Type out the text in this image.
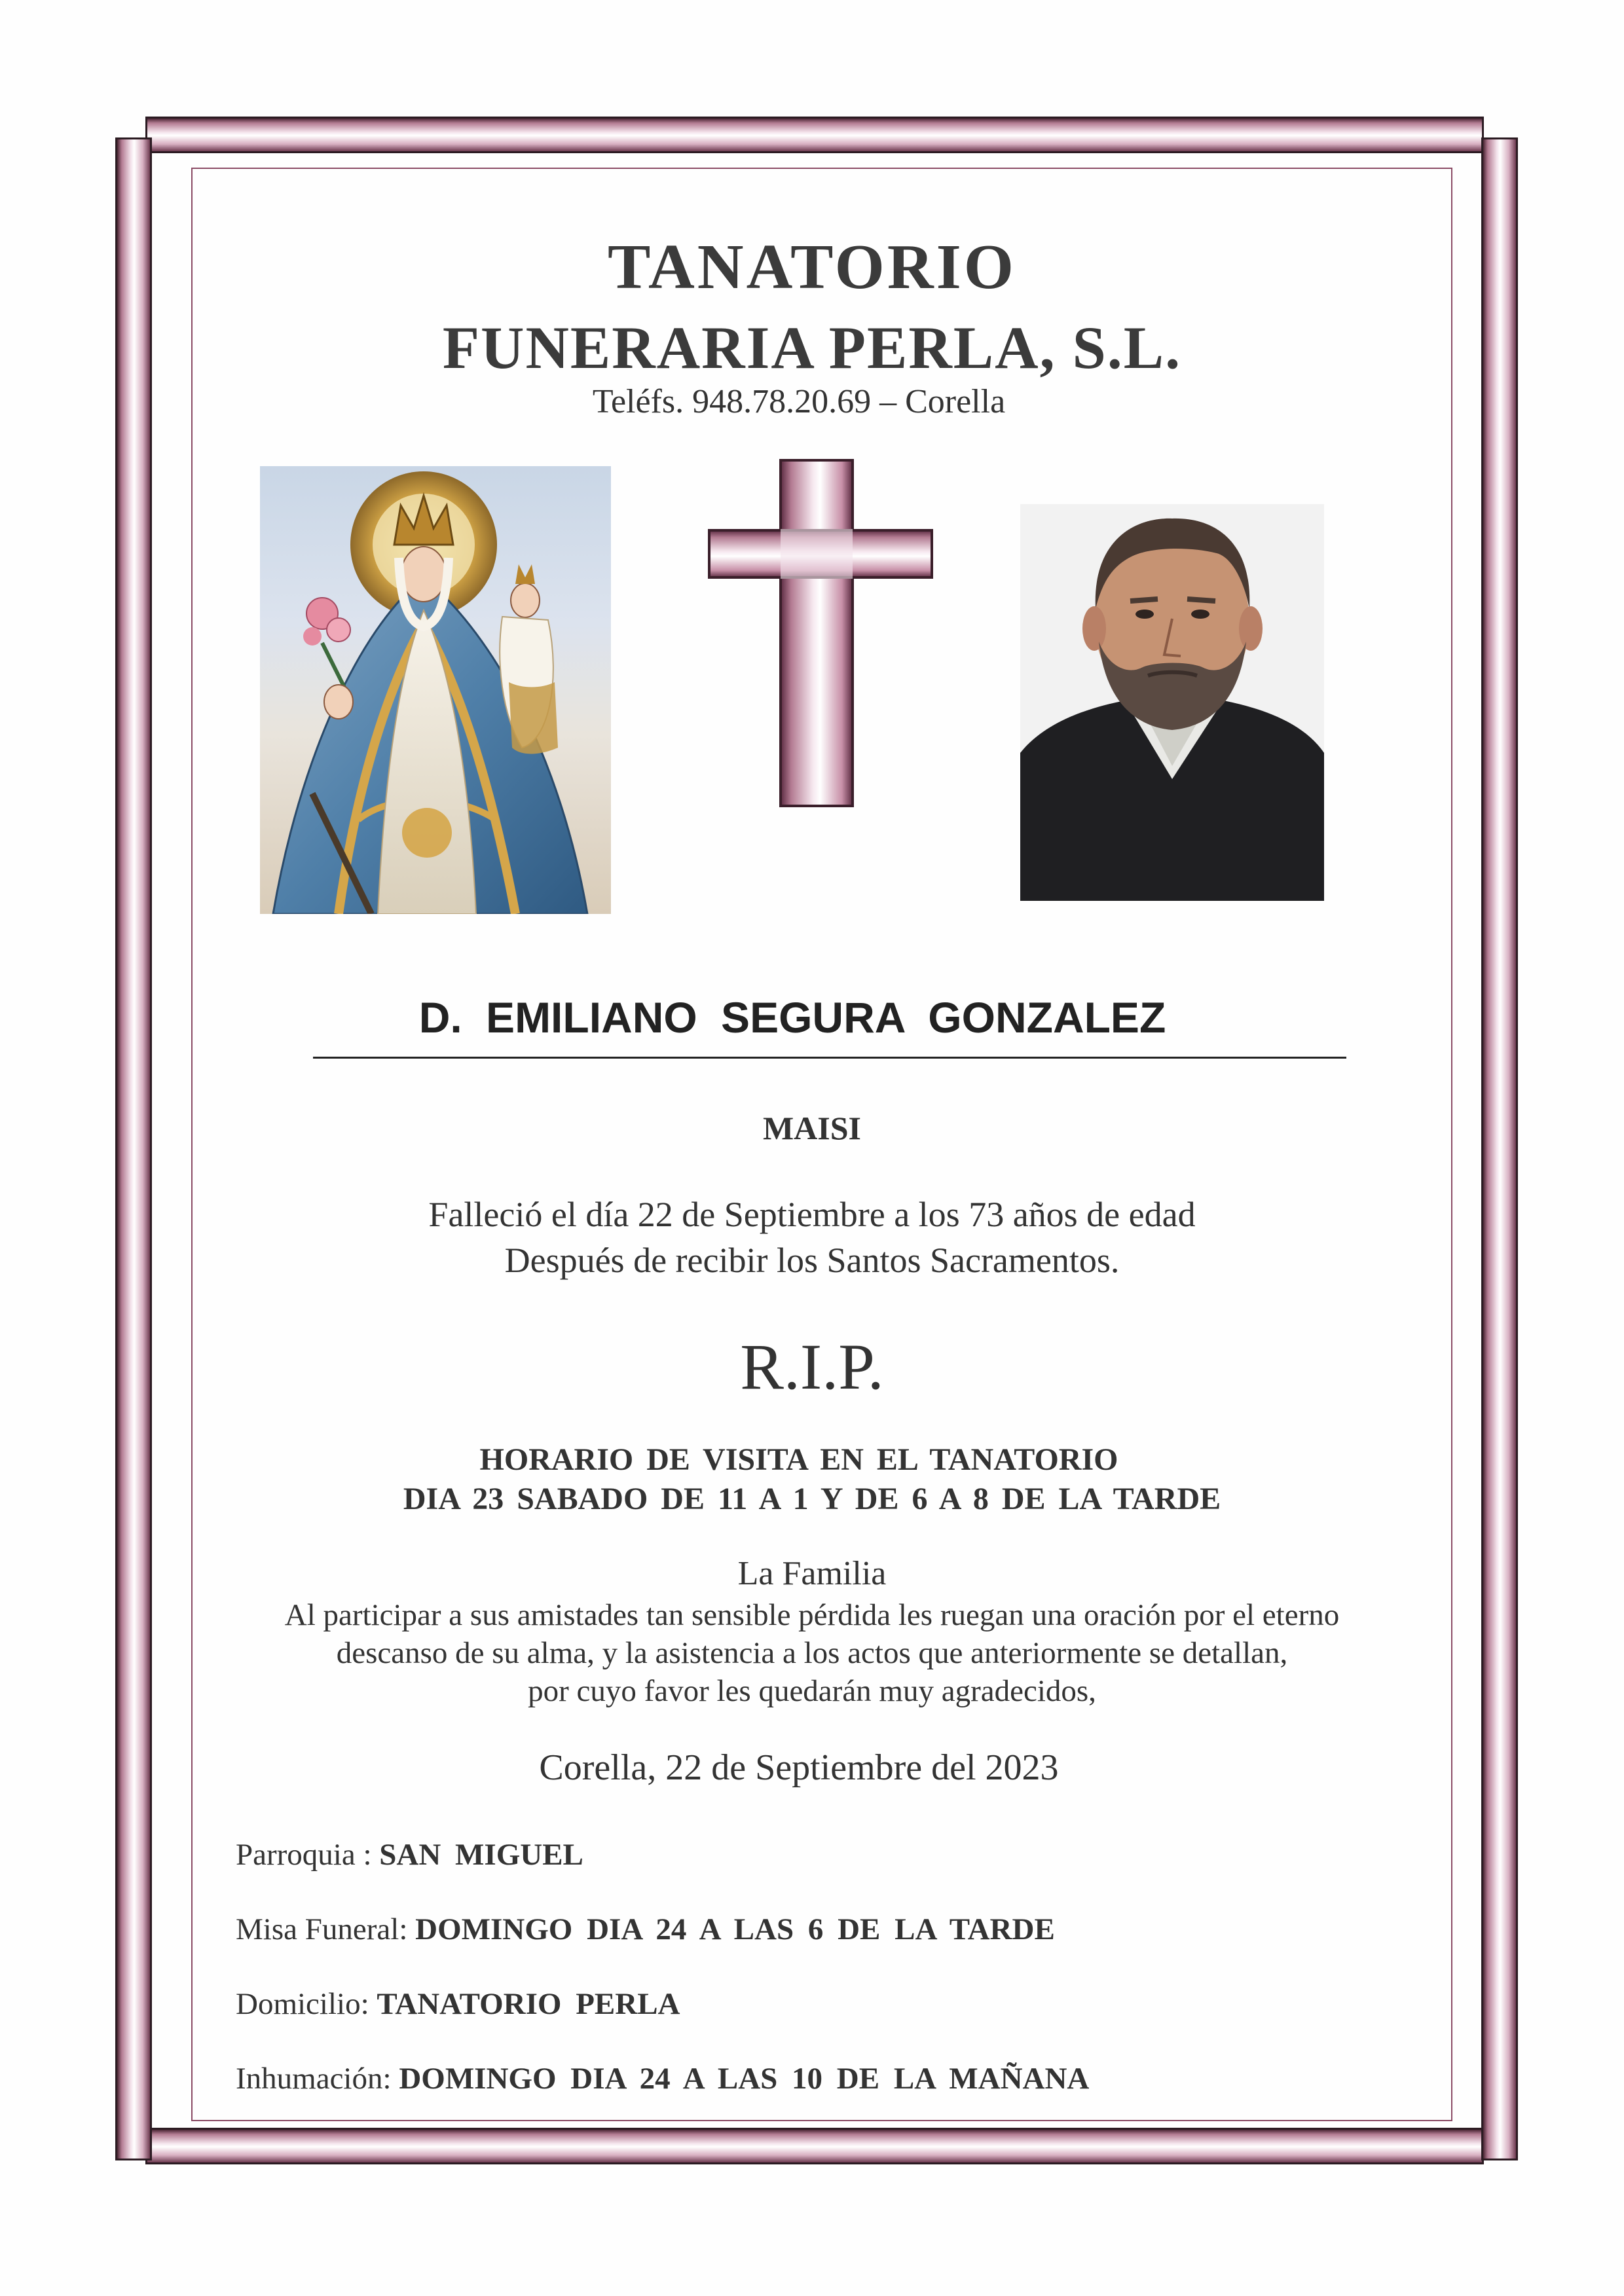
TANATORIO
FUNERARIA PERLA, S.L.
Teléfs. 948.78.20.69 – Corella
D. EMILIANO SEGURA GONZALEZ
MAISI
Falleció el día 22 de Septiembre a los 73 años de edad
Después de recibir los Santos Sacramentos.
R.I.P.
HORARIO DE VISITA EN EL TANATORIO
DIA 23 SABADO DE 11 A 1 Y DE 6 A 8 DE LA TARDE
La Familia
Al participar a sus amistades tan sensible pérdida les ruegan una oración por el eterno
descanso de su alma, y la asistencia a los actos que anteriormente se detallan,
por cuyo favor les quedarán muy agradecidos,
Corella, 22 de Septiembre del 2023
Parroquia : SAN MIGUEL
Misa Funeral: DOMINGO DIA 24 A LAS 6 DE LA TARDE
Domicilio: TANATORIO PERLA
Inhumación: DOMINGO DIA 24 A LAS 10 DE LA MAÑANA
